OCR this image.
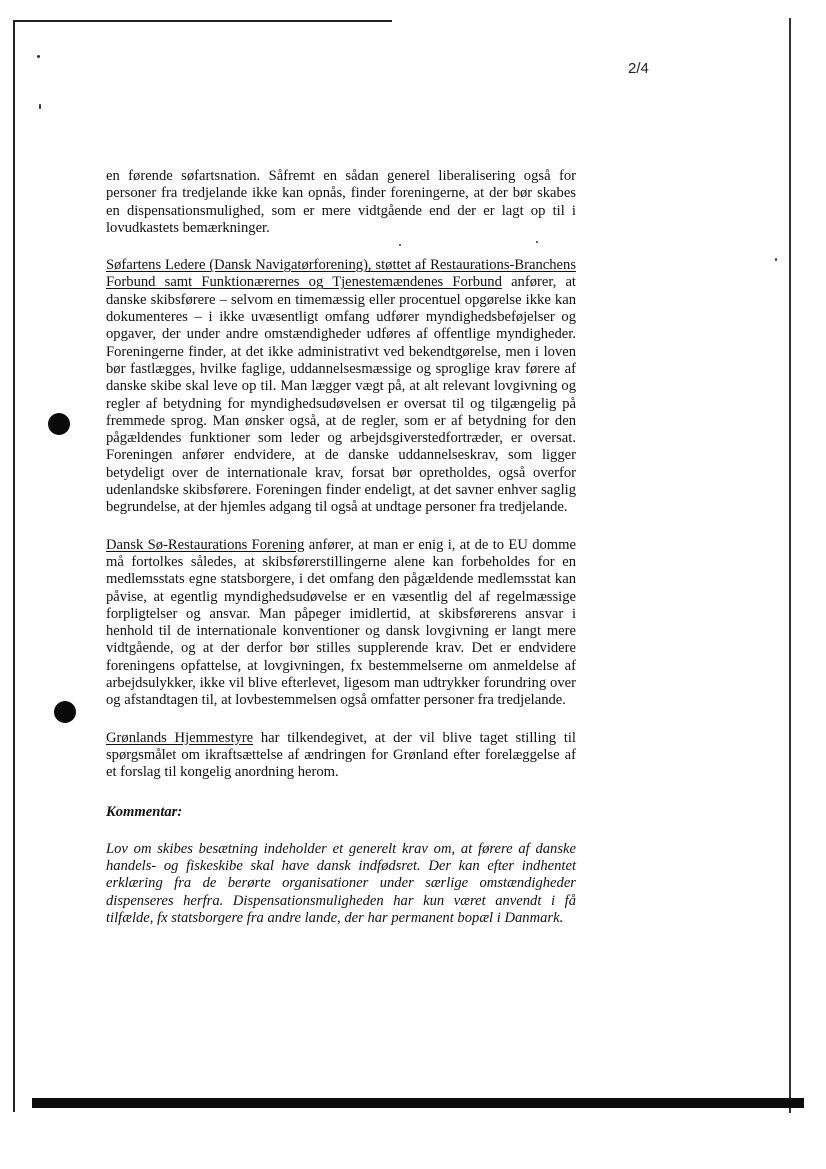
2/4

en førende søfartsnation. Såfremt en sådan generel liberalisering også for personer fra tredjelande ikke kan opnås, finder foreningerne, at der bør skabes en dispensationsmulighed, som er mere vidtgående end der er lagt op til i lovudkastets bemærkninger.

Søfartens Ledere (Dansk Navigatørforening), støttet af Restaurations-Branchens Forbund samt Funktionærernes og Tjenestemændenes Forbund anfører, at danske skibsførere – selvom en timemæssig eller procentuel opgørelse ikke kan dokumenteres – i ikke uvæsentligt omfang udfører myndighedsbeføjelser og opgaver, der under andre omstændigheder udføres af offentlige myndigheder. Foreningerne finder, at det ikke administrativt ved bekendtgørelse, men i loven bør fastlægges, hvilke faglige, uddannelsesmæssige og sproglige krav førere af danske skibe skal leve op til. Man lægger vægt på, at alt relevant lovgivning og regler af betydning for myndighedsudøvelsen er oversat til og tilgængelig på fremmede sprog. Man ønsker også, at de regler, som er af betydning for den pågældendes funktioner som leder og arbejdsgiverstedfortræder, er oversat. Foreningen anfører endvidere, at de danske uddannelseskrav, som ligger betydeligt over de internationale krav, forsat bør opretholdes, også overfor udenlandske skibsførere. Foreningen finder endeligt, at det savner enhver saglig begrundelse, at der hjemles adgang til også at undtage personer fra tredjelande.

Dansk Sø-Restaurations Forening anfører, at man er enig i, at de to EU domme må fortolkes således, at skibsførerstillingerne alene kan forbeholdes for en medlemsstats egne statsborgere, i det omfang den pågældende medlemsstat kan påvise, at egentlig myndighedsudøvelse er en væsentlig del af regelmæssige forpligtelser og ansvar. Man påpeger imidlertid, at skibsførerens ansvar i henhold til de internationale konventioner og dansk lovgivning er langt mere vidtgående, og at der derfor bør stilles supplerende krav. Det er endvidere foreningens opfattelse, at lovgivningen, fx bestemmelserne om anmeldelse af arbejdsulykker, ikke vil blive efterlevet, ligesom man udtrykker forundring over og afstandtagen til, at lovbestemmelsen også omfatter personer fra tredjelande.

Grønlands Hjemmestyre har tilkendegivet, at der vil blive taget stilling til spørgsmålet om ikraftsættelse af ændringen for Grønland efter forelæggelse af et forslag til kongelig anordning herom.

Kommentar:

Lov om skibes besætning indeholder et generelt krav om, at førere af danske handels- og fiskeskibe skal have dansk indfødsret. Der kan efter indhentet erklæring fra de berørte organisationer under særlige omstændigheder dispenseres herfra. Dispensationsmuligheden har kun været anvendt i få tilfælde, fx statsborgere fra andre lande, der har permanent bopæl i Danmark.
